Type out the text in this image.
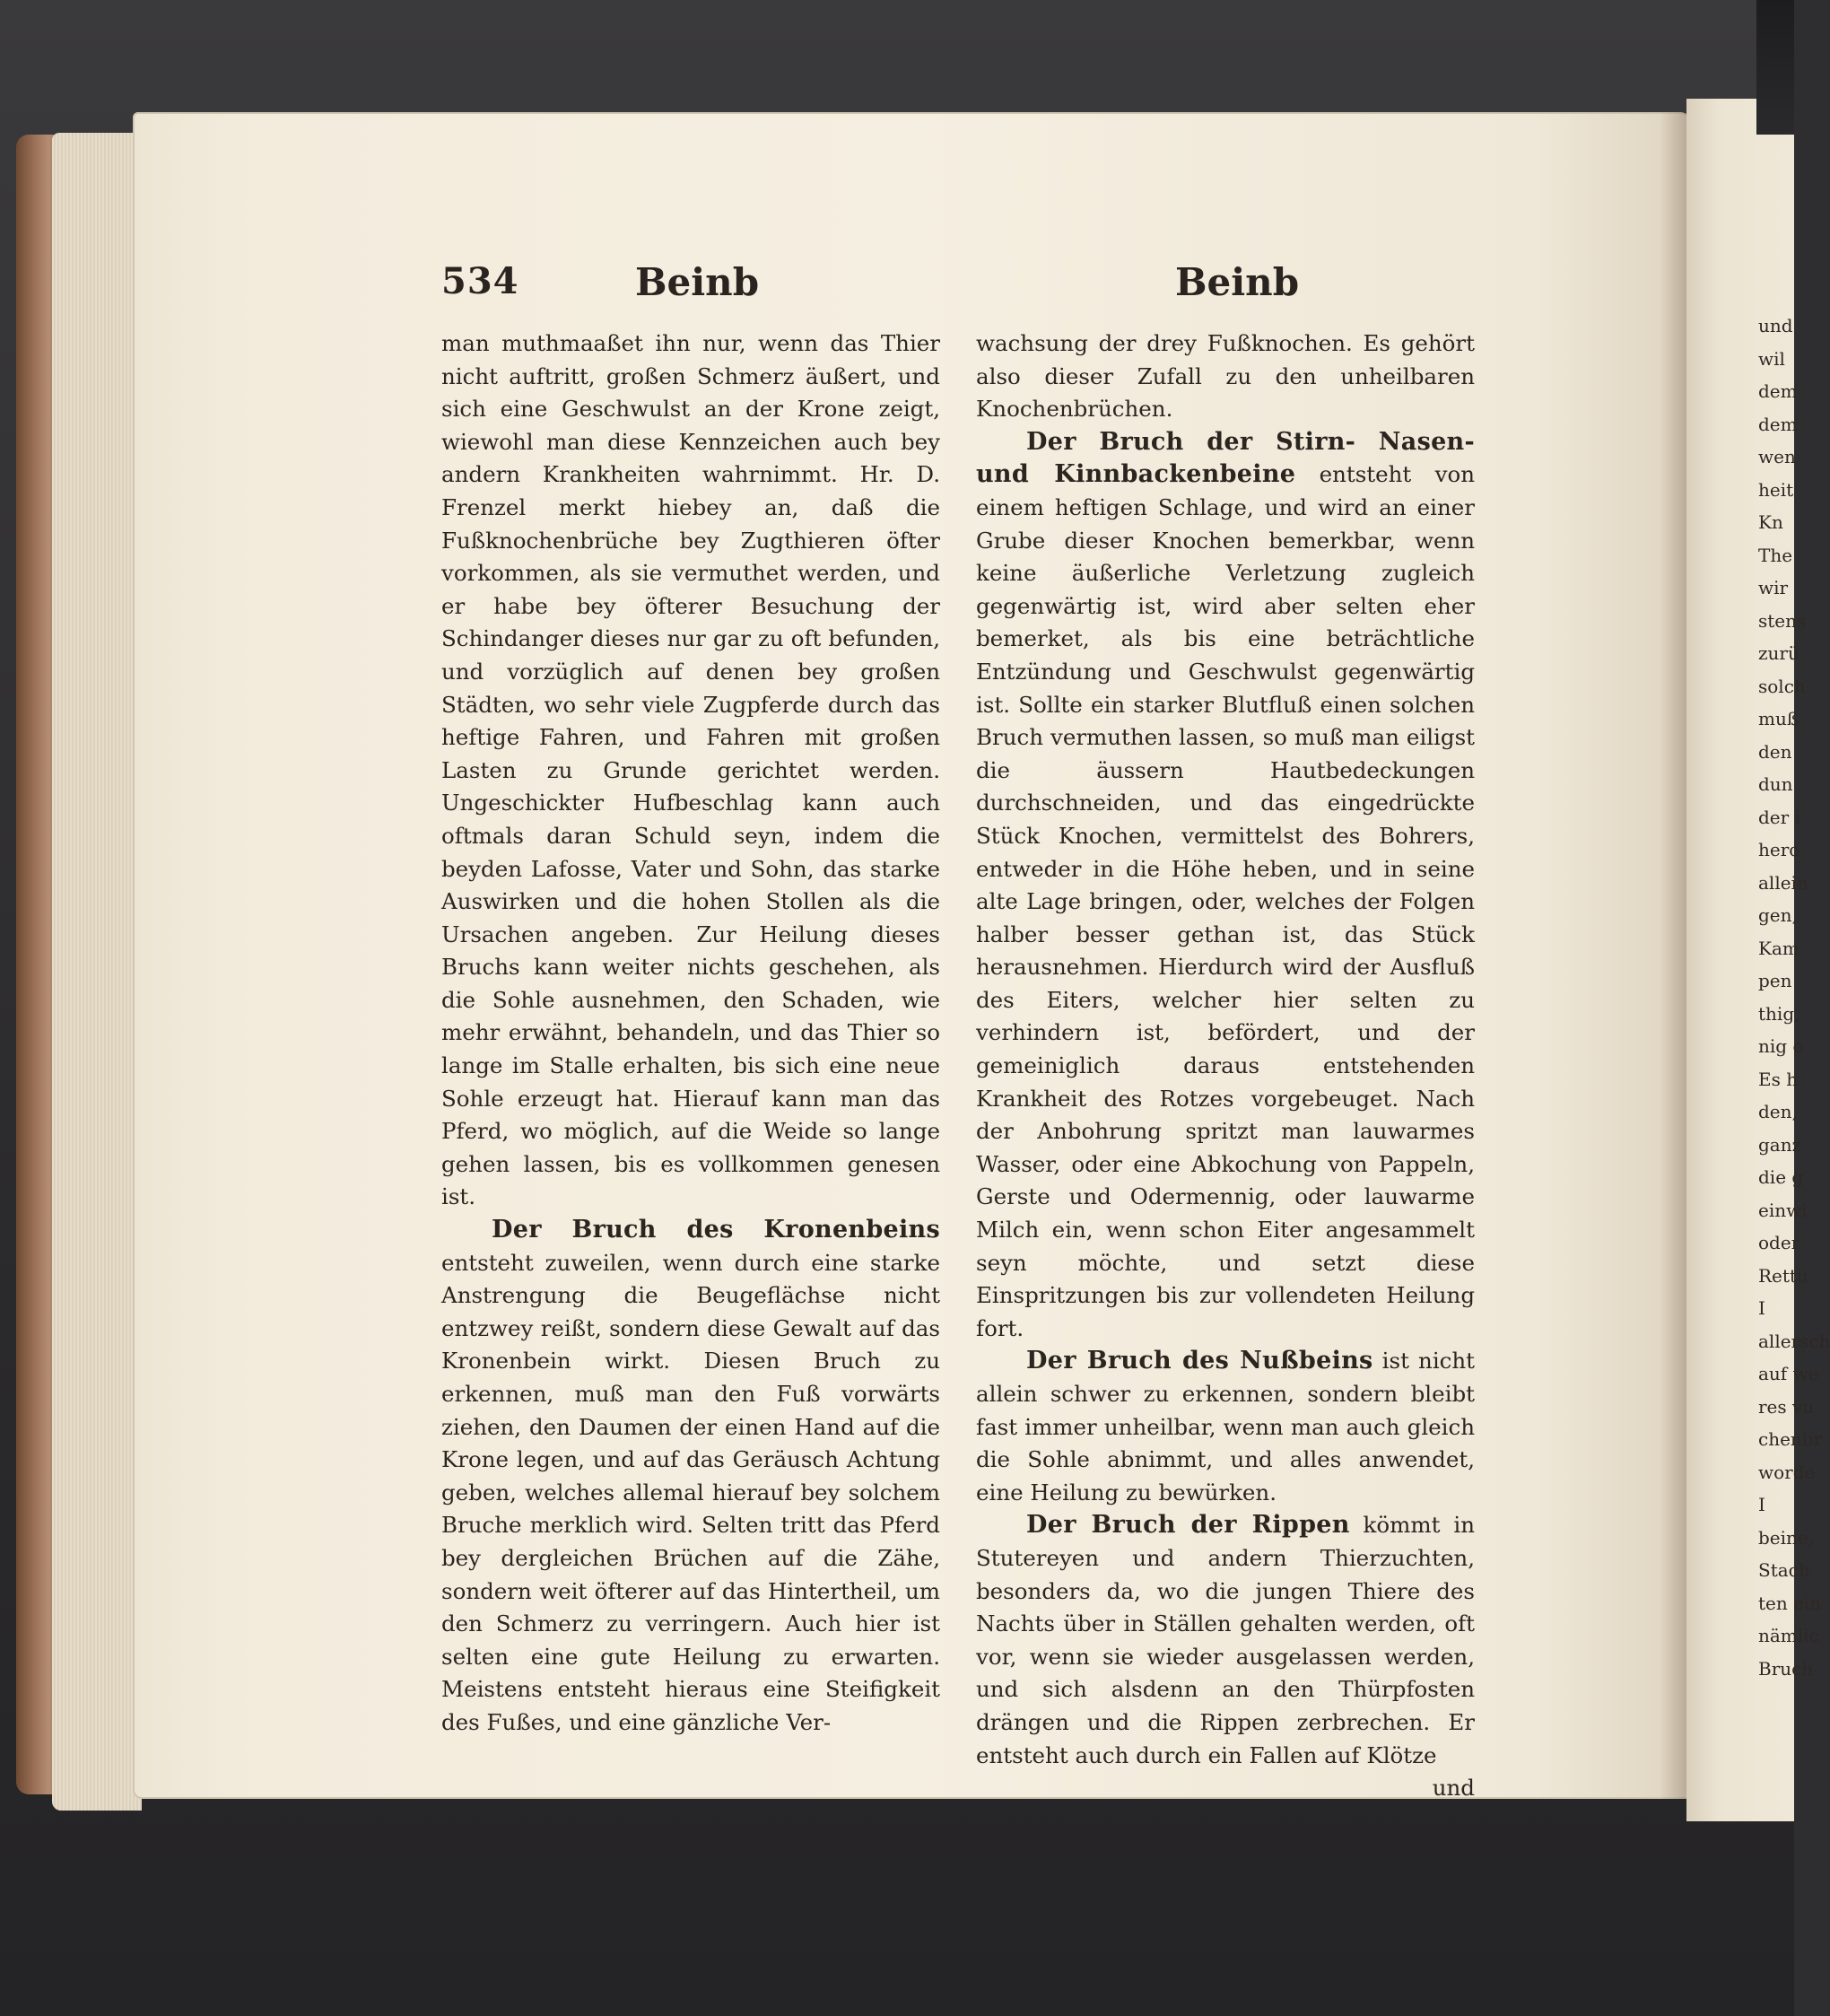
534	Beinb	Beinb

man muthmaaßet ihn nur, wenn das Thier nicht auftritt, großen Schmerz äußert, und sich eine Geschwulst an der Krone zeigt, wiewohl man diese Kennzeichen auch bey andern Krankheiten wahrnimmt. Hr. D. Frenzel merkt hiebey an, daß die Fußknochenbrüche bey Zugthieren öfter vorkommen, als sie vermuthet werden, und er habe bey öfterer Besuchung der Schindanger dieses nur gar zu oft befunden, und vorzüglich auf denen bey großen Städten, wo sehr viele Zugpferde durch das heftige Fahren, und Fahren mit großen Lasten zu Grunde gerichtet werden. Ungeschickter Hufbeschlag kann auch oftmals daran Schuld seyn, indem die beyden Lafosse, Vater und Sohn, das starke Auswirken und die hohen Stollen als die Ursachen angeben. Zur Heilung dieses Bruchs kann weiter nichts geschehen, als die Sohle ausnehmen, den Schaden, wie mehr erwähnt, behandeln, und das Thier so lange im Stalle erhalten, bis sich eine neue Sohle erzeugt hat. Hierauf kann man das Pferd, wo möglich, auf die Weide so lange gehen lassen, bis es vollkommen genesen ist.

Der Bruch des Kronenbeins entsteht zuweilen, wenn durch eine starke Anstrengung die Beugeflächse nicht entzwey reißt, sondern diese Gewalt auf das Kronenbein wirkt. Diesen Bruch zu erkennen, muß man den Fuß vorwärts ziehen, den Daumen der einen Hand auf die Krone legen, und auf das Geräusch Achtung geben, welches allemal hierauf bey solchem Bruche merklich wird. Selten tritt das Pferd bey dergleichen Brüchen auf die Zähe, sondern weit öfterer auf das Hintertheil, um den Schmerz zu verringern. Auch hier ist selten eine gute Heilung zu erwarten. Meistens entsteht hieraus eine Steifigkeit des Fußes, und eine gänzliche Ver-

wachsung der drey Fußknochen. Es gehört also dieser Zufall zu den unheilbaren Knochenbrüchen.

Der Bruch der Stirn- Nasen- und Kinnbackenbeine entsteht von einem heftigen Schlage, und wird an einer Grube dieser Knochen bemerkbar, wenn keine äußerliche Verletzung zugleich gegenwärtig ist, wird aber selten eher bemerket, als bis eine beträchtliche Entzündung und Geschwulst gegenwärtig ist. Sollte ein starker Blutfluß einen solchen Bruch vermuthen lassen, so muß man eiligst die äussern Hautbedeckungen durchschneiden, und das eingedrückte Stück Knochen, vermittelst des Bohrers, entweder in die Höhe heben, und in seine alte Lage bringen, oder, welches der Folgen halber besser gethan ist, das Stück herausnehmen. Hierdurch wird der Ausfluß des Eiters, welcher hier selten zu verhindern ist, befördert, und der gemeiniglich daraus entstehenden Krankheit des Rotzes vorgebeuget. Nach der Anbohrung spritzt man lauwarmes Wasser, oder eine Abkochung von Pappeln, Gerste und Odermennig, oder lauwarme Milch ein, wenn schon Eiter angesammelt seyn möchte, und setzt diese Einspritzungen bis zur vollendeten Heilung fort.

Der Bruch des Nußbeins ist nicht allein schwer zu erkennen, sondern bleibt fast immer unheilbar, wenn man auch gleich die Sohle abnimmt, und alles anwendet, eine Heilung zu bewürken.

Der Bruch der Rippen kömmt in Stutereyen und andern Thierzuchten, besonders da, wo die jungen Thiere des Nachts über in Ställen gehalten werden, oft vor, wenn sie wieder ausgelassen werden, und sich alsdenn an den Thürpfosten drängen und die Rippen zerbrechen. Er entsteht auch durch ein Fallen auf Klötze

und

und
wil
dem
dem
wen
heit
Kn
The
wir
stens
zurü
solch
muß
den
dun
der i
hero
allein
gen,
Kam
pen
thig,
nig o
Es h
den,
ganz
die g
einwi
oder
Rettu
I
allersch
auf we
res vu
chenbr
worde
I
beine,
Stach
ten ein
nämlic
Bruch
